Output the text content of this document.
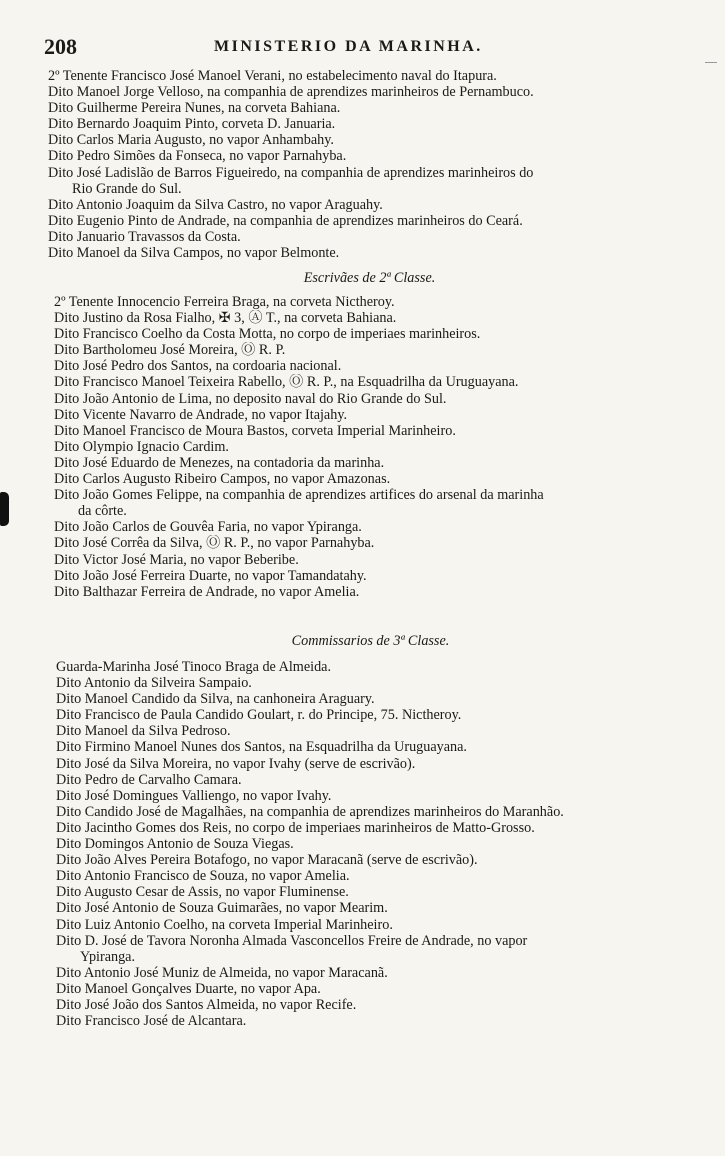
208	MINISTERIO DA MARINHA.
2º Tenente Francisco José Manoel Verani, no estabelecimento naval do Itapura.
Dito Manoel Jorge Velloso, na companhia de aprendizes marinheiros de Pernambuco.
Dito Guilherme Pereira Nunes, na corveta Bahiana.
Dito Bernardo Joaquim Pinto, corveta D. Januaria.
Dito Carlos Maria Augusto, no vapor Anhambahy.
Dito Pedro Simões da Fonseca, no vapor Parnahyba.
Dito José Ladislão de Barros Figueiredo, na companhia de aprendizes marinheiros do
Rio Grande do Sul.
Dito Antonio Joaquim da Silva Castro, no vapor Araguahy.
Dito Eugenio Pinto de Andrade, na companhia de aprendizes marinheiros do Ceará.
Dito Januario Travassos da Costa.
Dito Manoel da Silva Campos, no vapor Belmonte.
Escrivães de 2ª Classe.
2º Tenente Innocencio Ferreira Braga, na corveta Nictheroy.
Dito Justino da Rosa Fialho, ✠ 3, Ⓐ T., na corveta Bahiana.
Dito Francisco Coelho da Costa Motta, no corpo de imperiaes marinheiros.
Dito Bartholomeu José Moreira, Ⓞ R. P.
Dito José Pedro dos Santos, na cordoaria nacional.
Dito Francisco Manoel Teixeira Rabello, Ⓞ R. P., na Esquadrilha da Uruguayana.
Dito João Antonio de Lima, no deposito naval do Rio Grande do Sul.
Dito Vicente Navarro de Andrade, no vapor Itajahy.
Dito Manoel Francisco de Moura Bastos, corveta Imperial Marinheiro.
Dito Olympio Ignacio Cardim.
Dito José Eduardo de Menezes, na contadoria da marinha.
Dito Carlos Augusto Ribeiro Campos, no vapor Amazonas.
Dito João Gomes Felippe, na companhia de aprendizes artifices do arsenal da marinha
da côrte.
Dito João Carlos de Gouvêa Faria, no vapor Ypiranga.
Dito José Corrêa da Silva, Ⓞ R. P., no vapor Parnahyba.
Dito Victor José Maria, no vapor Beberibe.
Dito João José Ferreira Duarte, no vapor Tamandatahy.
Dito Balthazar Ferreira de Andrade, no vapor Amelia.
Commissarios de 3ª Classe.
Guarda-Marinha José Tinoco Braga de Almeida.
Dito Antonio da Silveira Sampaio.
Dito Manoel Candido da Silva, na canhoneira Araguary.
Dito Francisco de Paula Candido Goulart, r. do Principe, 75. Nictheroy.
Dito Manoel da Silva Pedroso.
Dito Firmino Manoel Nunes dos Santos, na Esquadrilha da Uruguayana.
Dito José da Silva Moreira, no vapor Ivahy (serve de escrivão).
Dito Pedro de Carvalho Camara.
Dito José Domingues Valliengo, no vapor Ivahy.
Dito Candido José de Magalhães, na companhia de aprendizes marinheiros do Maranhão.
Dito Jacintho Gomes dos Reis, no corpo de imperiaes marinheiros de Matto-Grosso.
Dito Domingos Antonio de Souza Viegas.
Dito João Alves Pereira Botafogo, no vapor Maracanã (serve de escrivão).
Dito Antonio Francisco de Souza, no vapor Amelia.
Dito Augusto Cesar de Assis, no vapor Fluminense.
Dito José Antonio de Souza Guimarães, no vapor Mearim.
Dito Luiz Antonio Coelho, na corveta Imperial Marinheiro.
Dito D. José de Tavora Noronha Almada Vasconcellos Freire de Andrade, no vapor
Ypiranga.
Dito Antonio José Muniz de Almeida, no vapor Maracanã.
Dito Manoel Gonçalves Duarte, no vapor Apa.
Dito José João dos Santos Almeida, no vapor Recife.
Dito Francisco José de Alcantara.
